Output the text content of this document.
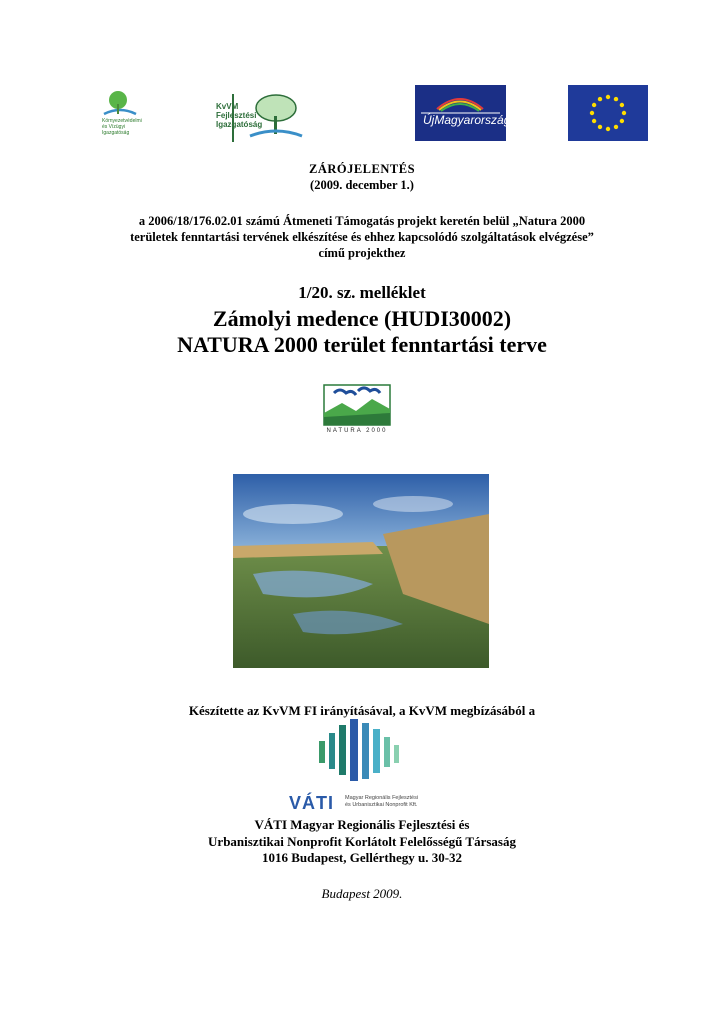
Környezetvédelmi
és Vízügyi
Igazgatóság
KvVM
Fejlesztési
Igazgatóság	ÚjMagyarország
ZÁRÓJELENTÉS
(2009. december 1.)
a 2006/18/176.02.01 számú Átmeneti Támogatás projekt keretén belül „Natura 2000
területek fenntartási tervének elkészítése és ehhez kapcsolódó szolgáltatások elvégzése”
című projekthez
1/20. sz. melléklet
Zámolyi medence (HUDI30002)
NATURA 2000 terület fenntartási terve
NATURA 2000
Készítette az KvVM FI irányításával, a KvVM megbízásából a
VÁTI Magyar Regionális Fejlesztési
és Urbanisztikai Nonprofit Kft.
VÁTI Magyar Regionális Fejlesztési és
Urbanisztikai Nonprofit Korlátolt Felelősségű Társaság
1016 Budapest, Gellérthegy u. 30-32
Budapest 2009.
